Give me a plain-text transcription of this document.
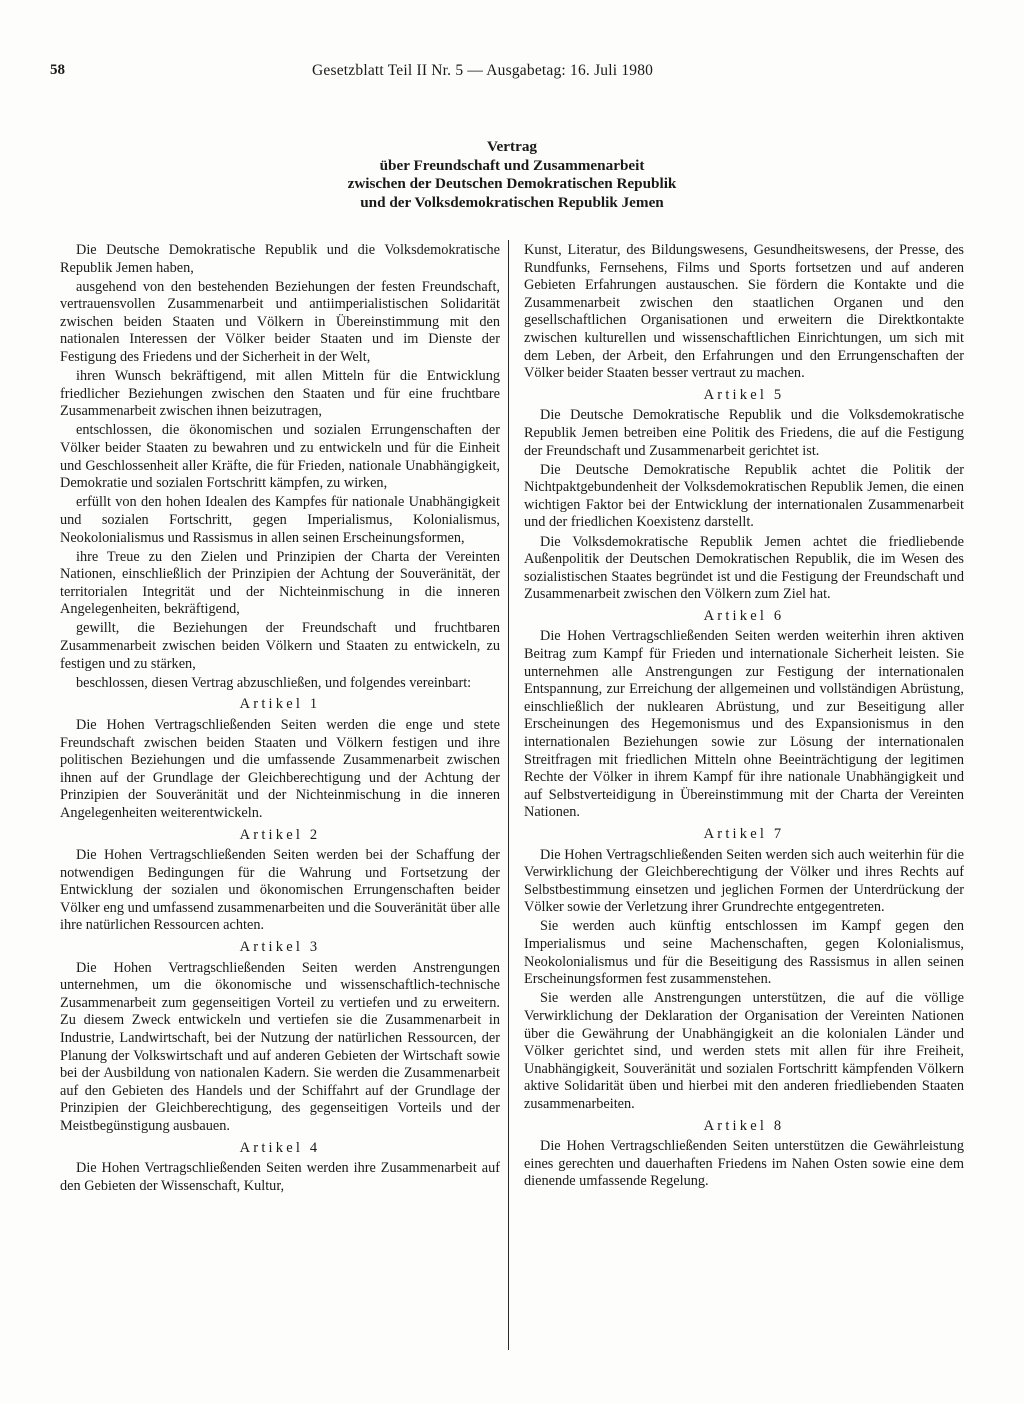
58	Gesetzblatt Teil II Nr. 5 — Ausgabetag: 16. Juli 1980
Vertrag
über Freundschaft und Zusammenarbeit
zwischen der Deutschen Demokratischen Republik
und der Volksdemokratischen Republik Jemen

Die Deutsche Demokratische Republik und die Volksdemokratische Republik Jemen haben,

ausgehend von den bestehenden Beziehungen der festen Freundschaft, vertrauensvollen Zusammenarbeit und antiimperialistischen Solidarität zwischen beiden Staaten und Völkern in Übereinstimmung mit den nationalen Interessen der Völker beider Staaten und im Dienste der Festigung des Friedens und der Sicherheit in der Welt,

ihren Wunsch bekräftigend, mit allen Mitteln für die Entwicklung friedlicher Beziehungen zwischen den Staaten und für eine fruchtbare Zusammenarbeit zwischen ihnen beizutragen,

entschlossen, die ökonomischen und sozialen Errungenschaften der Völker beider Staaten zu bewahren und zu entwickeln und für die Einheit und Geschlossenheit aller Kräfte, die für Frieden, nationale Unabhängigkeit, Demokratie und sozialen Fortschritt kämpfen, zu wirken,

erfüllt von den hohen Idealen des Kampfes für nationale Unabhängigkeit und sozialen Fortschritt, gegen Imperialismus, Kolonialismus, Neokolonialismus und Rassismus in allen seinen Erscheinungsformen,

ihre Treue zu den Zielen und Prinzipien der Charta der Vereinten Nationen, einschließlich der Prinzipien der Achtung der Souveränität, der territorialen Integrität und der Nichteinmischung in die inneren Angelegenheiten, bekräftigend,

gewillt, die Beziehungen der Freundschaft und fruchtbaren Zusammenarbeit zwischen beiden Völkern und Staaten zu entwickeln, zu festigen und zu stärken,

beschlossen, diesen Vertrag abzuschließen, und folgendes vereinbart:

Artikel 1

Die Hohen Vertragschließenden Seiten werden die enge und stete Freundschaft zwischen beiden Staaten und Völkern festigen und ihre politischen Beziehungen und die umfassende Zusammenarbeit zwischen ihnen auf der Grundlage der Gleichberechtigung und der Achtung der Prinzipien der Souveränität und der Nichteinmischung in die inneren Angelegenheiten weiterentwickeln.

Artikel 2

Die Hohen Vertragschließenden Seiten werden bei der Schaffung der notwendigen Bedingungen für die Wahrung und Fortsetzung der Entwicklung der sozialen und ökonomischen Errungenschaften beider Völker eng und umfassend zusammenarbeiten und die Souveränität über alle ihre natürlichen Ressourcen achten.

Artikel 3

Die Hohen Vertragschließenden Seiten werden Anstrengungen unternehmen, um die ökonomische und wissenschaftlich-technische Zusammenarbeit zum gegenseitigen Vorteil zu vertiefen und zu erweitern. Zu diesem Zweck entwickeln und vertiefen sie die Zusammenarbeit in Industrie, Landwirtschaft, bei der Nutzung der natürlichen Ressourcen, der Planung der Volkswirtschaft und auf anderen Gebieten der Wirtschaft sowie bei der Ausbildung von nationalen Kadern. Sie werden die Zusammenarbeit auf den Gebieten des Handels und der Schiffahrt auf der Grundlage der Prinzipien der Gleichberechtigung, des gegenseitigen Vorteils und der Meistbegünstigung ausbauen.

Artikel 4

Die Hohen Vertragschließenden Seiten werden ihre Zusammenarbeit auf den Gebieten der Wissenschaft, Kultur,

Kunst, Literatur, des Bildungswesens, Gesundheitswesens, der Presse, des Rundfunks, Fernsehens, Films und Sports fortsetzen und auf anderen Gebieten Erfahrungen austauschen. Sie fördern die Kontakte und die Zusammenarbeit zwischen den staatlichen Organen und den gesellschaftlichen Organisationen und erweitern die Direktkontakte zwischen kulturellen und wissenschaftlichen Einrichtungen, um sich mit dem Leben, der Arbeit, den Erfahrungen und den Errungenschaften der Völker beider Staaten besser vertraut zu machen.

Artikel 5

Die Deutsche Demokratische Republik und die Volksdemokratische Republik Jemen betreiben eine Politik des Friedens, die auf die Festigung der Freundschaft und Zusammenarbeit gerichtet ist.

Die Deutsche Demokratische Republik achtet die Politik der Nichtpaktgebundenheit der Volksdemokratischen Republik Jemen, die einen wichtigen Faktor bei der Entwicklung der internationalen Zusammenarbeit und der friedlichen Koexistenz darstellt.

Die Volksdemokratische Republik Jemen achtet die friedliebende Außenpolitik der Deutschen Demokratischen Republik, die im Wesen des sozialistischen Staates begründet ist und die Festigung der Freundschaft und Zusammenarbeit zwischen den Völkern zum Ziel hat.

Artikel 6

Die Hohen Vertragschließenden Seiten werden weiterhin ihren aktiven Beitrag zum Kampf für Frieden und internationale Sicherheit leisten. Sie unternehmen alle Anstrengungen zur Festigung der internationalen Entspannung, zur Erreichung der allgemeinen und vollständigen Abrüstung, einschließlich der nuklearen Abrüstung, und zur Beseitigung aller Erscheinungen des Hegemonismus und des Expansionismus in den internationalen Beziehungen sowie zur Lösung der internationalen Streitfragen mit friedlichen Mitteln ohne Beeinträchtigung der legitimen Rechte der Völker in ihrem Kampf für ihre nationale Unabhängigkeit und auf Selbstverteidigung in Übereinstimmung mit der Charta der Vereinten Nationen.

Artikel 7

Die Hohen Vertragschließenden Seiten werden sich auch weiterhin für die Verwirklichung der Gleichberechtigung der Völker und ihres Rechts auf Selbstbestimmung einsetzen und jeglichen Formen der Unterdrückung der Völker sowie der Verletzung ihrer Grundrechte entgegentreten.

Sie werden auch künftig entschlossen im Kampf gegen den Imperialismus und seine Machenschaften, gegen Kolonialismus, Neokolonialismus und für die Beseitigung des Rassismus in allen seinen Erscheinungsformen fest zusammenstehen.

Sie werden alle Anstrengungen unterstützen, die auf die völlige Verwirklichung der Deklaration der Organisation der Vereinten Nationen über die Gewährung der Unabhängigkeit an die kolonialen Länder und Völker gerichtet sind, und werden stets mit allen für ihre Freiheit, Unabhängigkeit, Souveränität und sozialen Fortschritt kämpfenden Völkern aktive Solidarität üben und hierbei mit den anderen friedliebenden Staaten zusammenarbeiten.

Artikel 8

Die Hohen Vertragschließenden Seiten unterstützen die Gewährleistung eines gerechten und dauerhaften Friedens im Nahen Osten sowie eine dem dienende umfassende Regelung.
